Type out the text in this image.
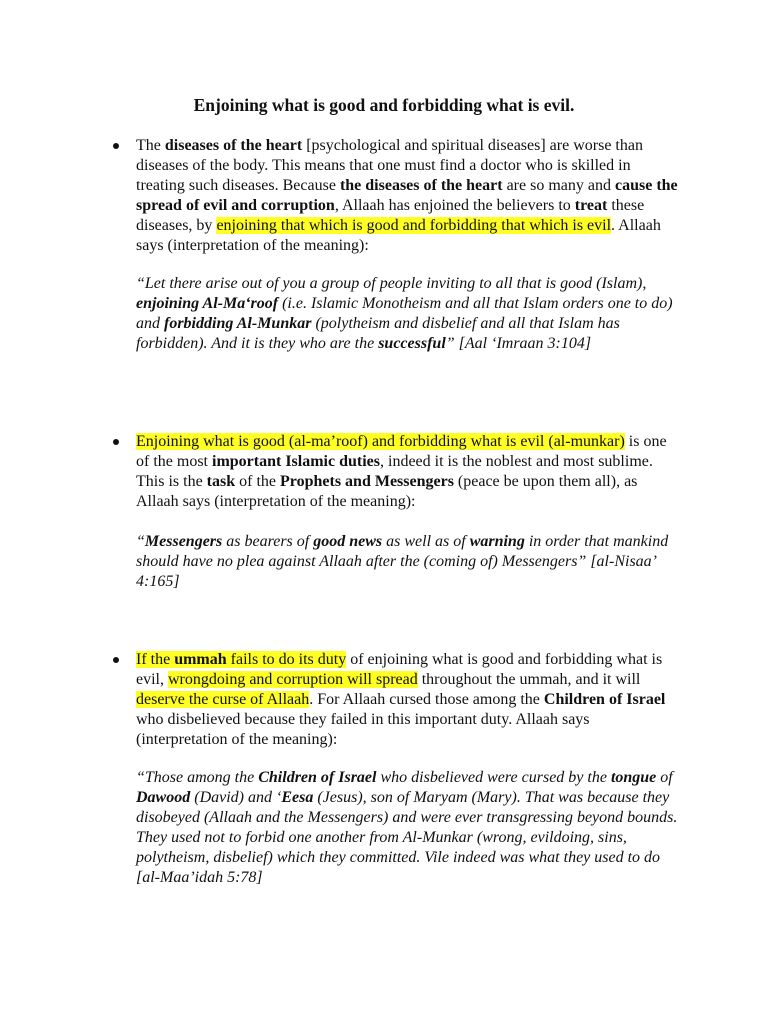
Enjoining what is good and forbidding what is evil.
The diseases of the heart [psychological and spiritual diseases] are worse than diseases of the body. This means that one must find a doctor who is skilled in treating such diseases. Because the diseases of the heart are so many and cause the spread of evil and corruption, Allaah has enjoined the believers to treat these diseases, by enjoining that which is good and forbidding that which is evil. Allaah says (interpretation of the meaning):
“Let there arise out of you a group of people inviting to all that is good (Islam), enjoining Al-Ma‘roof (i.e. Islamic Monotheism and all that Islam orders one to do) and forbidding Al-Munkar (polytheism and disbelief and all that Islam has forbidden). And it is they who are the successful” [Aal ‘Imraan 3:104]
Enjoining what is good (al-ma’roof) and forbidding what is evil (al-munkar) is one of the most important Islamic duties, indeed it is the noblest and most sublime. This is the task of the Prophets and Messengers (peace be upon them all), as Allaah says (interpretation of the meaning):
“Messengers as bearers of good news as well as of warning in order that mankind should have no plea against Allaah after the (coming of) Messengers” [al-Nisaa’ 4:165]
If the ummah fails to do its duty of enjoining what is good and forbidding what is evil, wrongdoing and corruption will spread throughout the ummah, and it will deserve the curse of Allaah. For Allaah cursed those among the Children of Israel who disbelieved because they failed in this important duty. Allaah says (interpretation of the meaning):
“Those among the Children of Israel who disbelieved were cursed by the tongue of Dawood (David) and ‘Eesa (Jesus), son of Maryam (Mary). That was because they disobeyed (Allaah and the Messengers) and were ever transgressing beyond bounds. They used not to forbid one another from Al-Munkar (wrong, evildoing, sins, polytheism, disbelief) which they committed. Vile indeed was what they used to do [al-Maa’idah 5:78]
